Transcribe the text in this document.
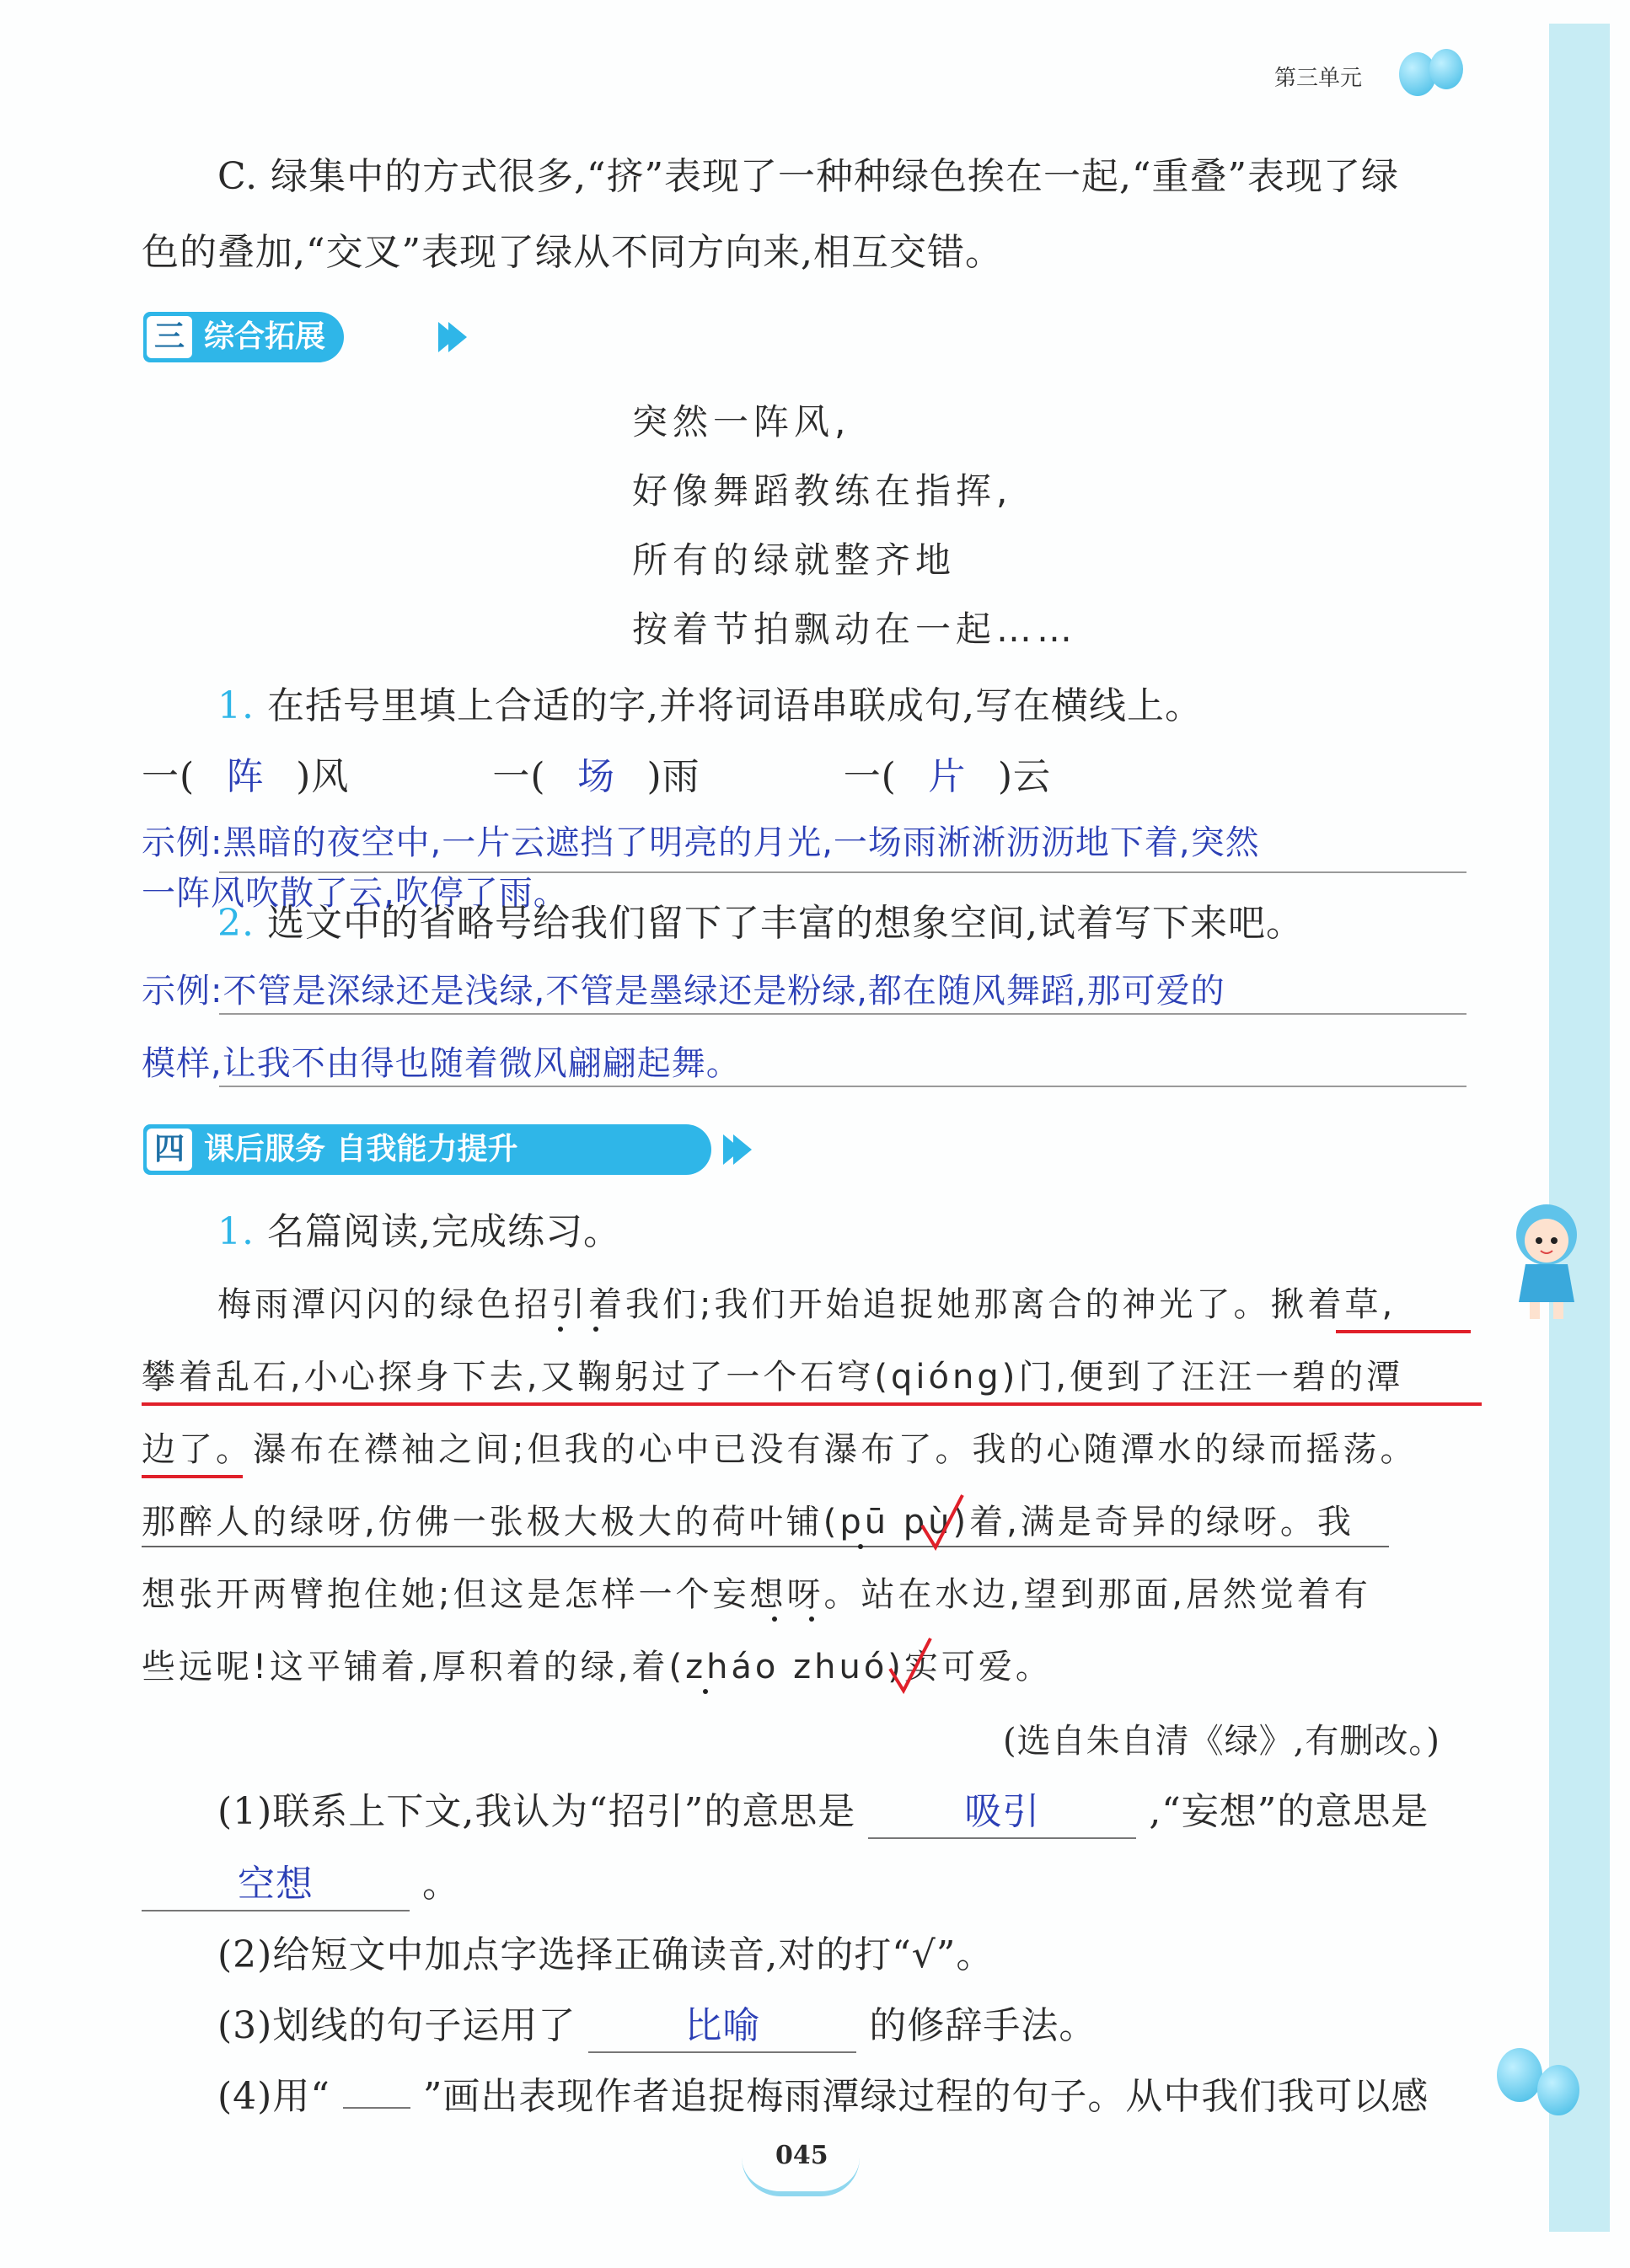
第三单元
C. 绿集中的方式很多,“挤”表现了一种种绿色挨在一起,“重叠”表现了绿
色的叠加,“交叉”表现了绿从不同方向来,相互交错。
三 综合拓展
突然一阵风,
好像舞蹈教练在指挥,
所有的绿就整齐地
按着节拍飘动在一起……
1. 在括号里填上合适的字,并将词语串联成句,写在横线上。
一( 阵 )风	一( 场 )雨	一( 片 )云
示例:黑暗的夜空中,一片云遮挡了明亮的月光,一场雨淅淅沥沥地下着,突然
一阵风吹散了云,吹停了雨。
2. 选文中的省略号给我们留下了丰富的想象空间,试着写下来吧。
示例:不管是深绿还是浅绿,不管是墨绿还是粉绿,都在随风舞蹈,那可爱的
模样,让我不由得也随着微风翩翩起舞。
四 课后服务 自我能力提升
1. 名篇阅读,完成练习。
梅雨潭闪闪的绿色招引着我们;我们开始追捉她那离合的神光了。揪着草,
攀着乱石,小心探身下去,又鞠躬过了一个石穹(qióng)门,便到了汪汪一碧的潭
边了。瀑布在襟袖之间;但我的心中已没有瀑布了。我的心随潭水的绿而摇荡。
那醉人的绿呀,仿佛一张极大极大的荷叶铺(pū pù)着,满是奇异的绿呀。我
想张开两臂抱住她;但这是怎样一个妄想呀。站在水边,望到那面,居然觉着有
些远呢!这平铺着,厚积着的绿,着(zháo zhuó)实可爱。
(选自朱自清《绿》,有删改。)
(1)联系上下文,我认为“招引”的意思是	吸引	,“妄想”的意思是
空想	。
(2)给短文中加点字选择正确读音,对的打“√”。
(3)划线的句子运用了	比喻	的修辞手法。
(4)用“	”画出表现作者追捉梅雨潭绿过程的句子。从中我们我可以感
045
